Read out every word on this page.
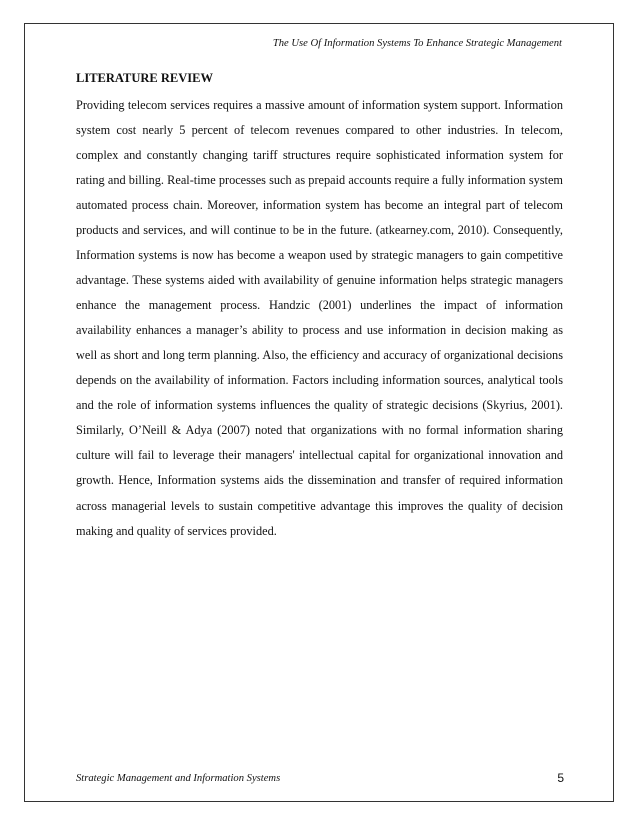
The Use Of Information Systems To Enhance Strategic Management
LITERATURE REVIEW
Providing telecom services requires a massive amount of information system support. Information
system cost nearly 5 percent of telecom revenues compared to other industries. In telecom,
complex and constantly changing tariff structures require sophisticated information system for
rating and billing. Real-time processes such as prepaid accounts require a fully information system
automated process chain. Moreover, information system has become an integral part of telecom
products and services, and will continue to be in the future. (atkearney.com, 2010). Consequently,
Information systems is now has become a weapon used by strategic managers to gain competitive
advantage. These systems aided with availability of genuine information helps strategic managers
enhance the management process. Handzic (2001) underlines the impact of information
availability enhances a manager’s ability to process and use information in decision making as
well as short and long term planning. Also, the efficiency and accuracy of organizational decisions
depends on the availability of information. Factors including information sources, analytical tools
and the role of information systems influences the quality of strategic decisions (Skyrius, 2001).
Similarly, O’Neill & Adya (2007) noted that organizations with no formal information sharing
culture will fail to leverage their managers' intellectual capital for organizational innovation and
growth. Hence, Information systems aids the dissemination and transfer of required information
across managerial levels to sustain competitive advantage this improves the quality of decision
making and quality of services provided.
Strategic Management and Information Systems	5
